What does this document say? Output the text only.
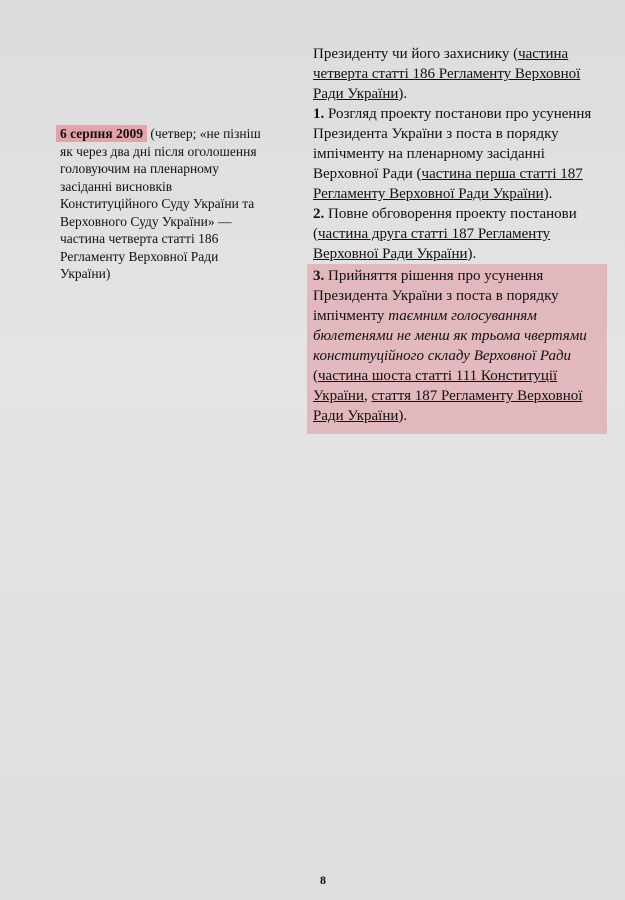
6 серпня 2009 (четвер; «не пізніш як через два дні після оголошення головуючим на пленарному засіданні висновків Конституційного Суду України та Верховного Суду України» — частина четверта статті 186 Регламенту Верховної Ради України)

Президенту чи його захиснику (частина четверта статті 186 Регламенту Верховної Ради України).

1. Розгляд проекту постанови про усунення Президента України з поста в порядку імпічменту на пленарному засіданні Верховної Ради (частина перша статті 187 Регламенту Верховної Ради України).

2. Повне обговорення проекту постанови (частина друга статті 187 Регламенту Верховної Ради України).

3. Прийняття рішення про усунення Президента України з поста в порядку імпічменту таємним голосуванням бюлетенями не менш як трьома чвертями конституційного складу Верховної Ради (частина шоста статті 111 Конституції України, стаття 187 Регламенту Верховної Ради України).
8
